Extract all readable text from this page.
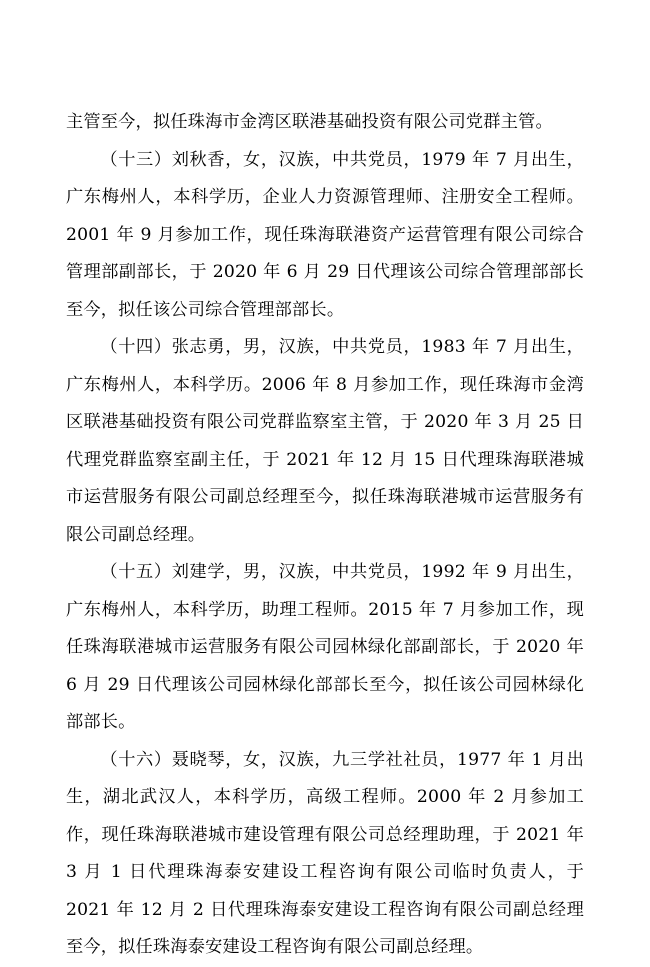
主管至今，拟任珠海市金湾区联港基础投资有限公司党群主管。

（十三）刘秋香，女，汉族，中共党员，1979 年 7 月出生，广东梅州人，本科学历，企业人力资源管理师、注册安全工程师。2001 年 9 月参加工作，现任珠海联港资产运营管理有限公司综合管理部副部长，于 2020 年 6 月 29 日代理该公司综合管理部部长至今，拟任该公司综合管理部部长。

（十四）张志勇，男，汉族，中共党员，1983 年 7 月出生，广东梅州人，本科学历。2006 年 8 月参加工作，现任珠海市金湾区联港基础投资有限公司党群监察室主管，于 2020 年 3 月 25 日代理党群监察室副主任，于 2021 年 12 月 15 日代理珠海联港城市运营服务有限公司副总经理至今，拟任珠海联港城市运营服务有限公司副总经理。

（十五）刘建学，男，汉族，中共党员，1992 年 9 月出生，广东梅州人，本科学历，助理工程师。2015 年 7 月参加工作，现任珠海联港城市运营服务有限公司园林绿化部副部长，于 2020 年 6 月 29 日代理该公司园林绿化部部长至今，拟任该公司园林绿化部部长。

（十六）聂晓琴，女，汉族，九三学社社员，1977 年 1 月出生，湖北武汉人，本科学历，高级工程师。2000 年 2 月参加工作，现任珠海联港城市建设管理有限公司总经理助理，于 2021 年 3 月 1 日代理珠海泰安建设工程咨询有限公司临时负责人，于 2021 年 12 月 2 日代理珠海泰安建设工程咨询有限公司副总经理至今，拟任珠海泰安建设工程咨询有限公司副总经理。
